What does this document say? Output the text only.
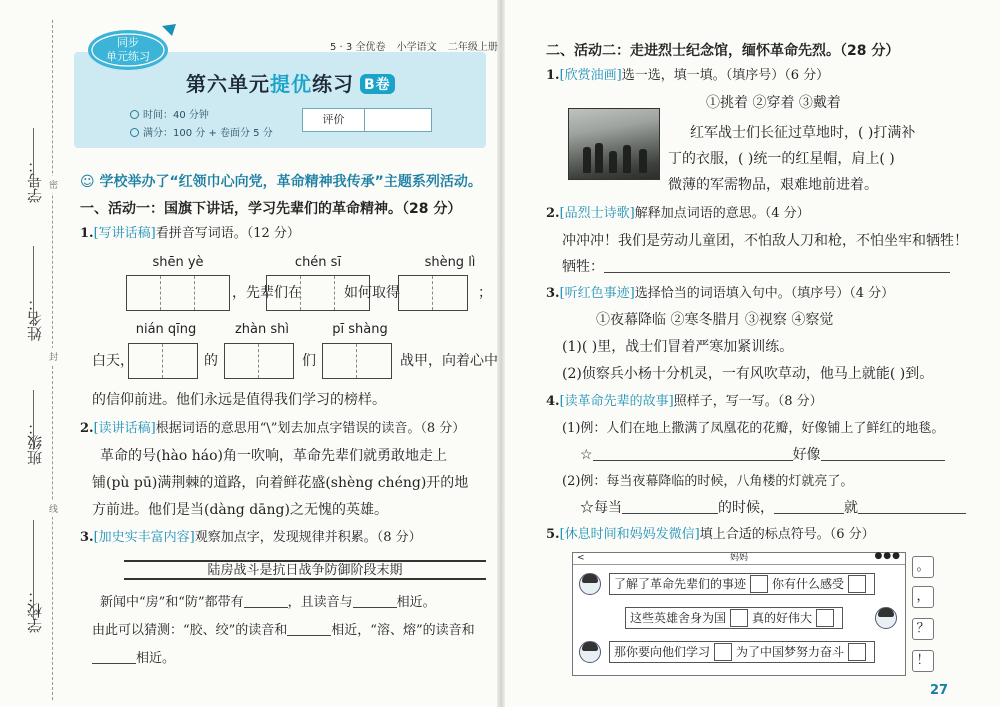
学号：
姓名：
班级：
学校：
密
封
线
同步
单元练习
5 · 3 全优卷 小学语文 二年级上册
第六单元提优练习 B卷
时间：40 分钟
满分：100 分 + 卷面分 5 分
评价
☺ 学校举办了“红领巾心向党，革命精神我传承”主题系列活动。
一、活动一：国旗下讲话，学习先辈们的革命精神。（28 分）
1.[写讲话稿]看拼音写词语。（12 分）
shēn yè	chén sī	shèng lì
，先辈们在	如何取得	；
nián qīng	zhàn shì	pī shàng
白天，	的	们	战甲，向着心中
的信仰前进。他们永远是值得我们学习的榜样。
2.[读讲话稿]根据词语的意思用“\”划去加点字错误的读音。（8 分）
革命的号(hào háo)角一吹响，革命先辈们就勇敢地走上
铺(pù pū)满荆棘的道路，向着鲜花盛(shèng chéng)开的地
方前进。他们是当(dàng dāng)之无愧的英雄。
3.[加史实丰富内容]观察加点字，发现规律并积累。（8 分）
陆房战斗是抗日战争防御阶段末期
新闻中“房”和“防”都带有	，且读音与	相近。
由此可以猜测：“胶、绞”的读音和	相近，“溶、熔”的读音和
相近。
二、活动二：走进烈士纪念馆，缅怀革命先烈。（28 分）
1.[欣赏油画]选一选，填一填。（填序号）（6 分）
①挑着 ②穿着 ③戴着
红军战士们长征过草地时，( )打满补
丁的衣服，( )统一的红星帽，肩上( )
微薄的军需物品，艰难地前进着。
2.[品烈士诗歌]解释加点词语的意思。（4 分）
冲冲冲！我们是劳动儿童团，不怕敌人刀和枪，不怕坐牢和牺牲！
牺牲：
3.[听红色事迹]选择恰当的词语填入句中。（填序号）（4 分）
①夜幕降临 ②寒冬腊月 ③视察 ④察觉
(1)( )里，战士们冒着严寒加紧训练。
(2)侦察兵小杨十分机灵，一有风吹草动，他马上就能( )到。
4.[读革命先辈的故事]照样子，写一写。（8 分）
(1)例：人们在地上撒满了凤凰花的花瓣，好像铺上了鲜红的地毯。
☆	好像
(2)例：每当夜幕降临的时候，八角楼的灯就亮了。
☆每当	的时候，	就
5.[休息时间和妈妈发微信]填上合适的标点符号。（6 分）
<	妈妈	●●●
了解了革命先辈们的事迹 你有什么感受
这些英雄舍身为国 真的好伟大
那你要向他们学习 为了中国梦努力奋斗
。
，
？
！
27
